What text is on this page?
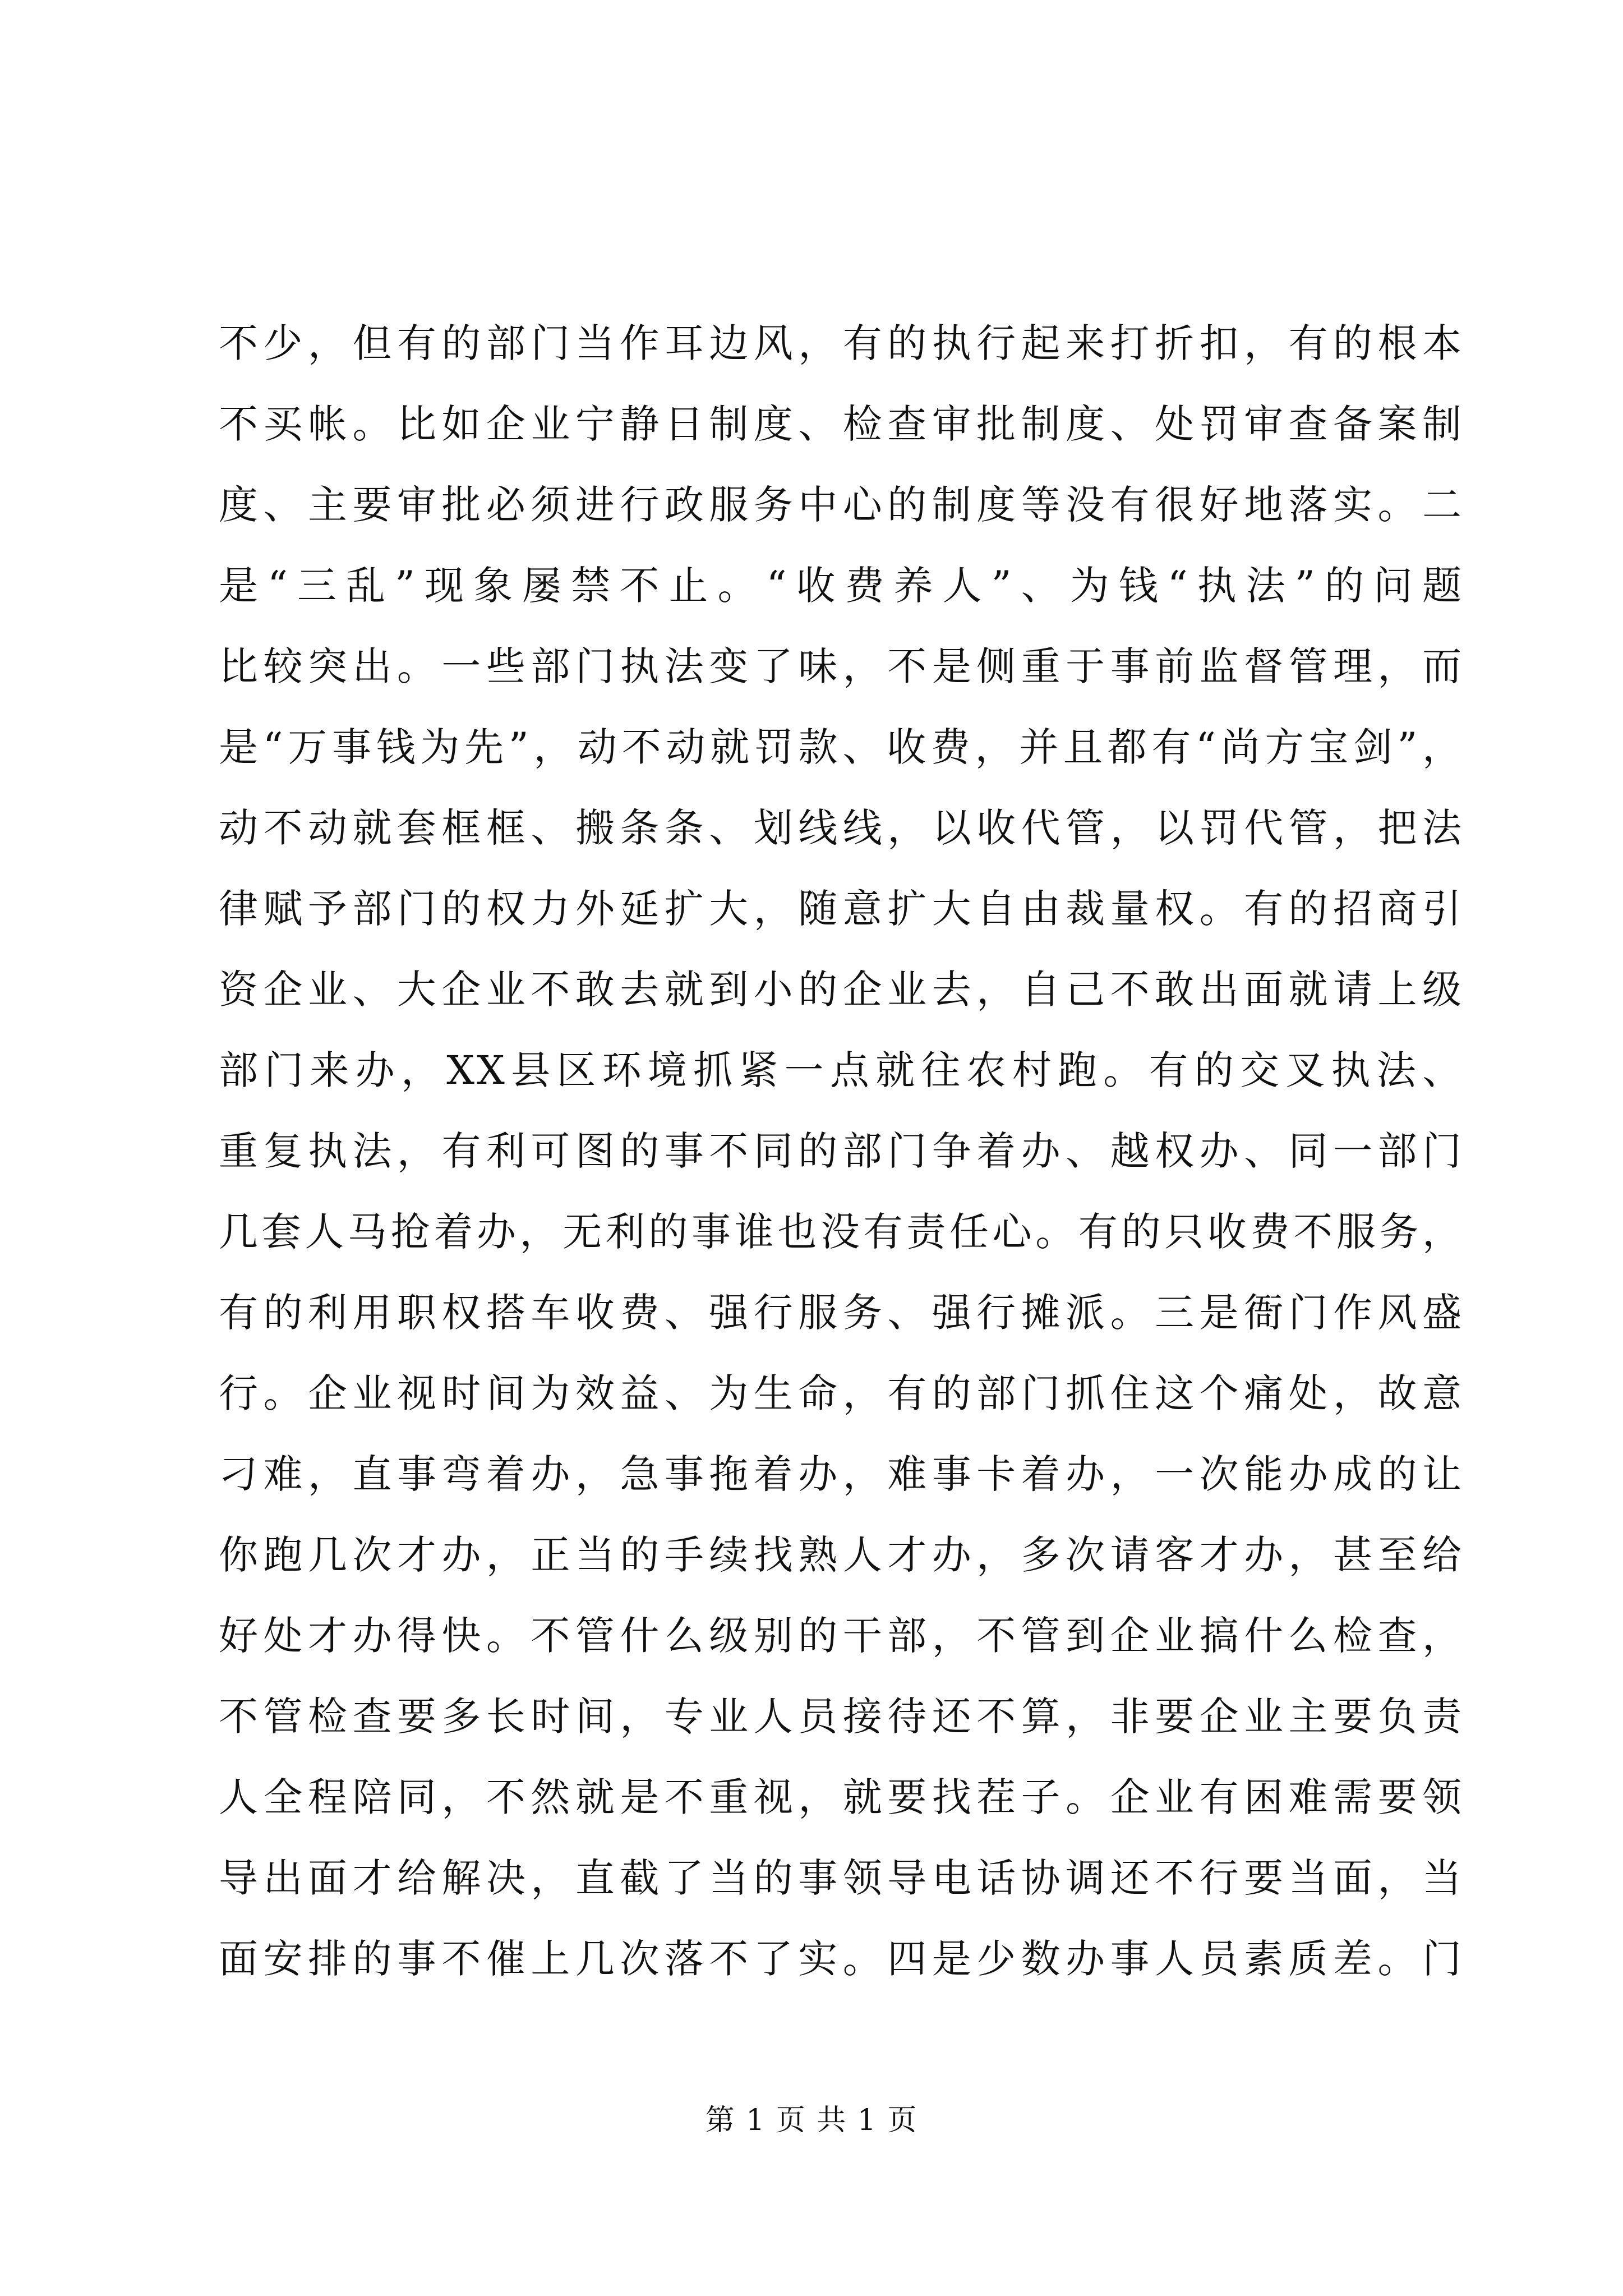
不少，但有的部门当作耳边风，有的执行起来打折扣，有的根本
不买帐。比如企业宁静日制度、检查审批制度、处罚审查备案制
度、主要审批必须进行政服务中心的制度等没有很好地落实。二
是“三乱”现象屡禁不止。“收费养人”、为钱“执法”的问题
比较突出。一些部门执法变了味，不是侧重于事前监督管理，而
是“万事钱为先”，动不动就罚款、收费，并且都有“尚方宝剑”，
动不动就套框框、搬条条、划线线，以收代管，以罚代管，把法
律赋予部门的权力外延扩大，随意扩大自由裁量权。有的招商引
资企业、大企业不敢去就到小的企业去，自己不敢出面就请上级
部门来办，XX县区环境抓紧一点就往农村跑。有的交叉执法、
重复执法，有利可图的事不同的部门争着办、越权办、同一部门
几套人马抢着办，无利的事谁也没有责任心。有的只收费不服务，
有的利用职权搭车收费、强行服务、强行摊派。三是衙门作风盛
行。企业视时间为效益、为生命，有的部门抓住这个痛处，故意
刁难，直事弯着办，急事拖着办，难事卡着办，一次能办成的让
你跑几次才办，正当的手续找熟人才办，多次请客才办，甚至给
好处才办得快。不管什么级别的干部，不管到企业搞什么检查，
不管检查要多长时间，专业人员接待还不算，非要企业主要负责
人全程陪同，不然就是不重视，就要找茬子。企业有困难需要领
导出面才给解决，直截了当的事领导电话协调还不行要当面，当
面安排的事不催上几次落不了实。四是少数办事人员素质差。门
第 1 页 共 1 页
